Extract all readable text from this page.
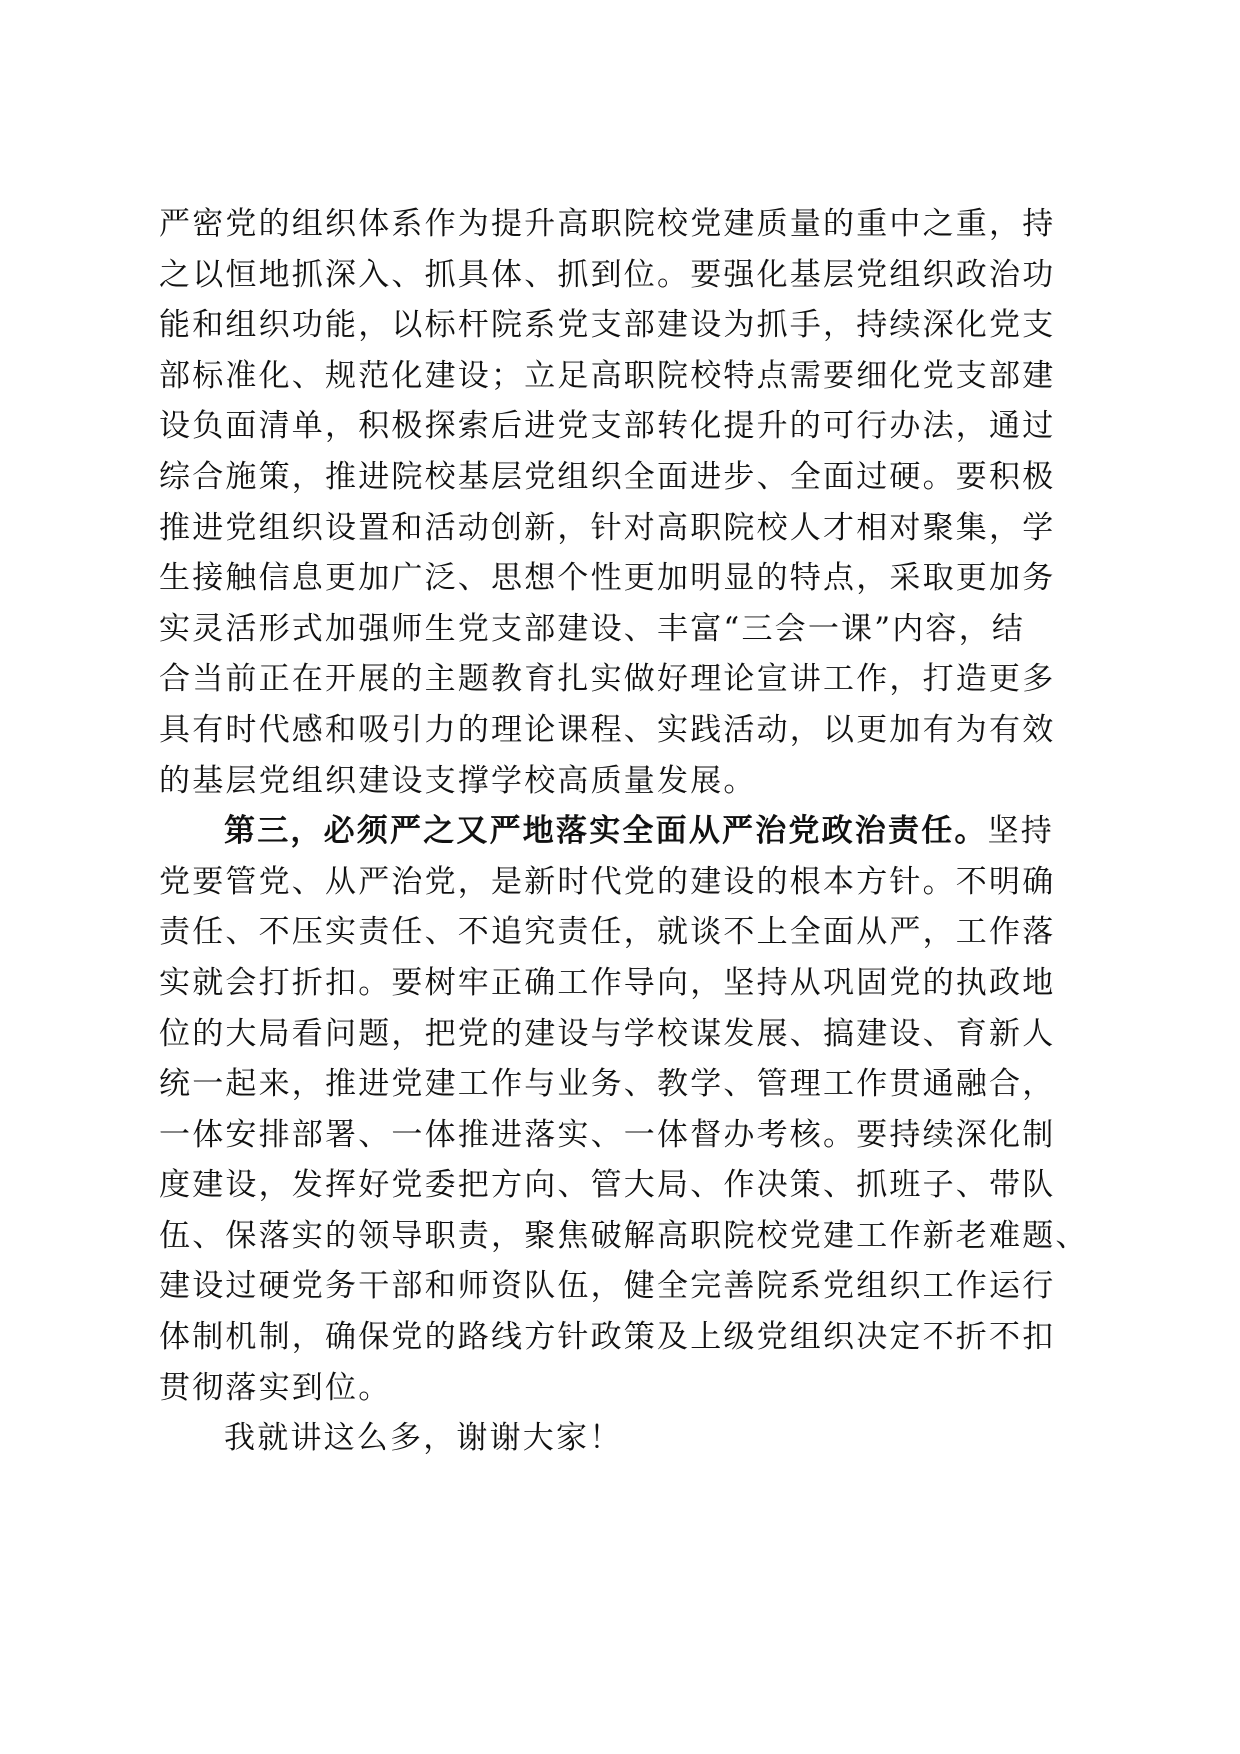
严密党的组织体系作为提升高职院校党建质量的重中之重，持
之以恒地抓深入、抓具体、抓到位。要强化基层党组织政治功
能和组织功能，以标杆院系党支部建设为抓手，持续深化党支
部标准化、规范化建设；立足高职院校特点需要细化党支部建
设负面清单，积极探索后进党支部转化提升的可行办法，通过
综合施策，推进院校基层党组织全面进步、全面过硬。要积极
推进党组织设置和活动创新，针对高职院校人才相对聚集，学
生接触信息更加广泛、思想个性更加明显的特点，采取更加务
实灵活形式加强师生党支部建设、丰富“三会一课”内容，结
合当前正在开展的主题教育扎实做好理论宣讲工作，打造更多
具有时代感和吸引力的理论课程、实践活动，以更加有为有效
的基层党组织建设支撑学校高质量发展。
第三，必须严之又严地落实全面从严治党政治责任。坚持
党要管党、从严治党，是新时代党的建设的根本方针。不明确
责任、不压实责任、不追究责任，就谈不上全面从严，工作落
实就会打折扣。要树牢正确工作导向，坚持从巩固党的执政地
位的大局看问题，把党的建设与学校谋发展、搞建设、育新人
统一起来，推进党建工作与业务、教学、管理工作贯通融合，
一体安排部署、一体推进落实、一体督办考核。要持续深化制
度建设，发挥好党委把方向、管大局、作决策、抓班子、带队
伍、保落实的领导职责，聚焦破解高职院校党建工作新老难题、
建设过硬党务干部和师资队伍，健全完善院系党组织工作运行
体制机制，确保党的路线方针政策及上级党组织决定不折不扣
贯彻落实到位。
我就讲这么多，谢谢大家！
